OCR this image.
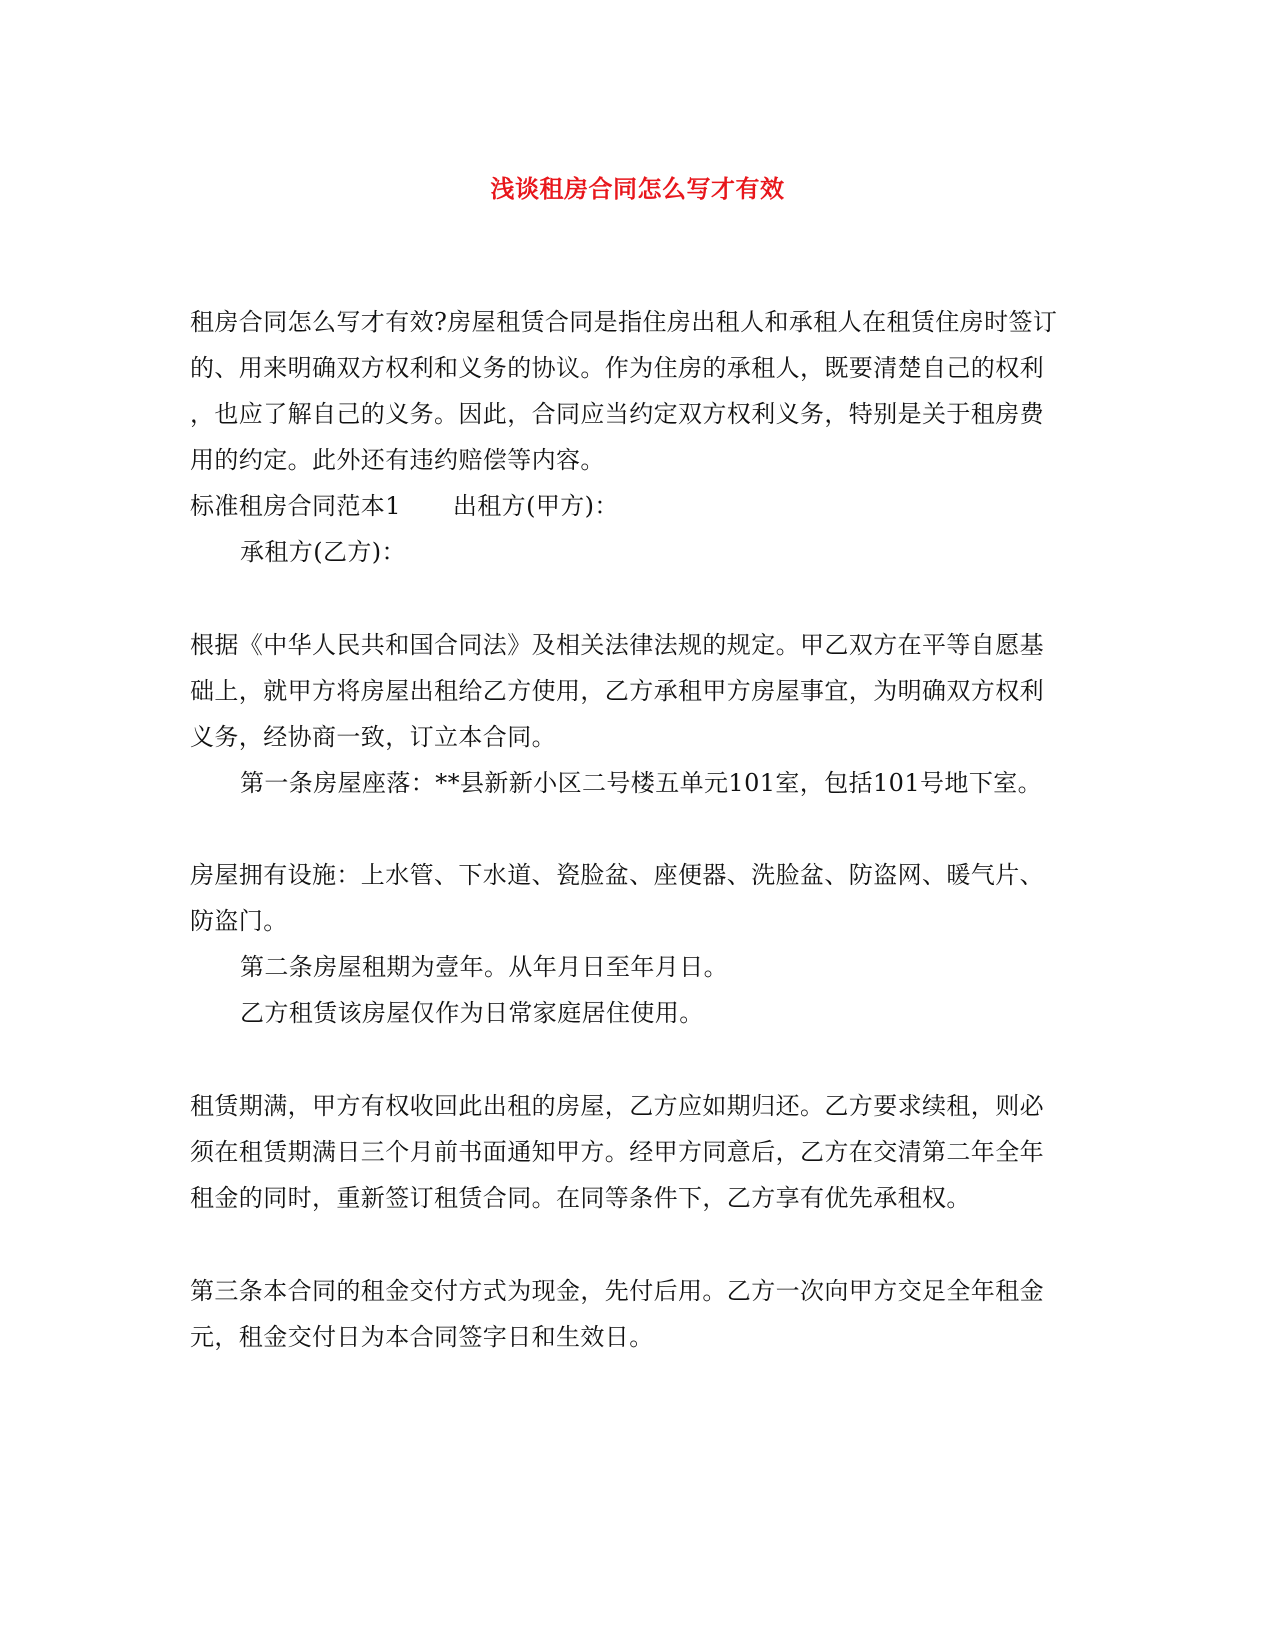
浅谈租房合同怎么写才有效
租房合同怎么写才有效?房屋租赁合同是指住房出租人和承租人在租赁住房时签订
的、用来明确双方权利和义务的协议。作为住房的承租人，既要清楚自己的权利
，也应了解自己的义务。因此，合同应当约定双方权利义务，特别是关于租房费
用的约定。此外还有违约赔偿等内容。
标准租房合同范本1 出租方(甲方)：
承租方(乙方)：
根据《中华人民共和国合同法》及相关法律法规的规定。甲乙双方在平等自愿基
础上，就甲方将房屋出租给乙方使用，乙方承租甲方房屋事宜，为明确双方权利
义务，经协商一致，订立本合同。
第一条房屋座落：**县新新小区二号楼五单元101室，包括101号地下室。
房屋拥有设施：上水管、下水道、瓷脸盆、座便器、洗脸盆、防盗网、暖气片、
防盗门。
第二条房屋租期为壹年。从年月日至年月日。
乙方租赁该房屋仅作为日常家庭居住使用。
租赁期满，甲方有权收回此出租的房屋，乙方应如期归还。乙方要求续租，则必
须在租赁期满日三个月前书面通知甲方。经甲方同意后，乙方在交清第二年全年
租金的同时，重新签订租赁合同。在同等条件下，乙方享有优先承租权。
第三条本合同的租金交付方式为现金，先付后用。乙方一次向甲方交足全年租金
元，租金交付日为本合同签字日和生效日。
